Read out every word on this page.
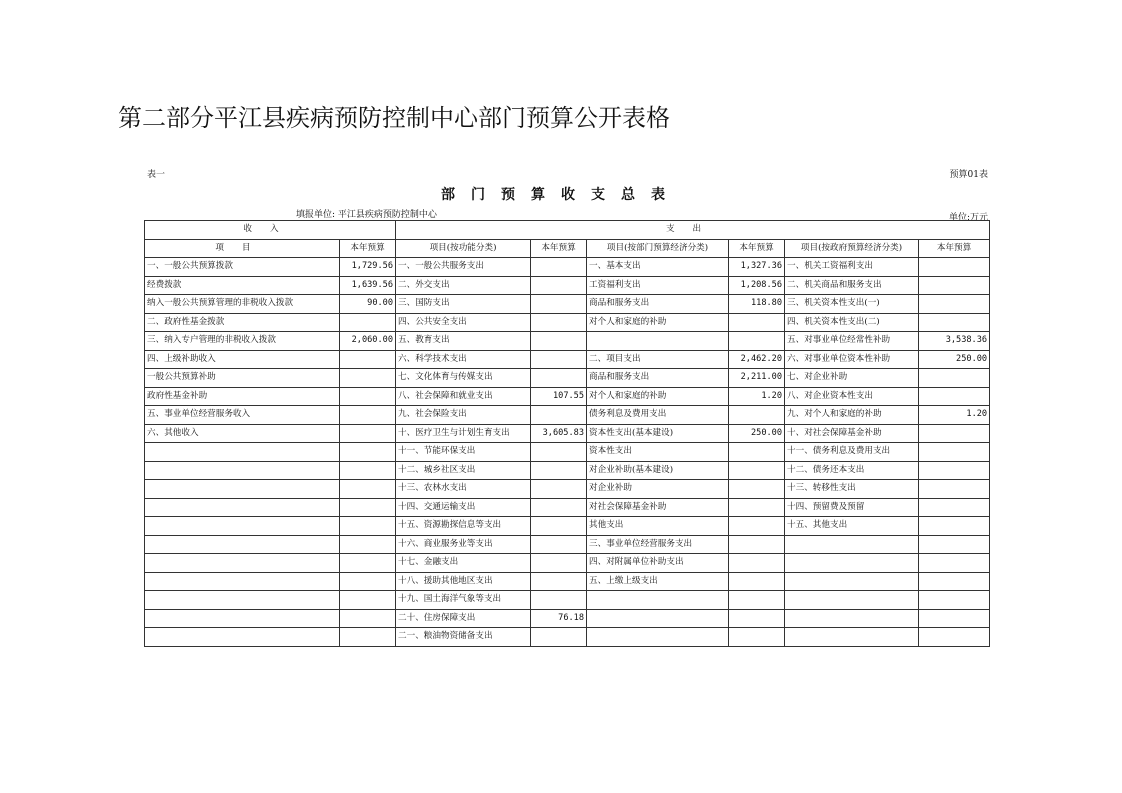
第二部分平江县疾病预防控制中心部门预算公开表格
表一	预算01表
部门预算收支总表
填报单位: 平江县疾病预防控制中心	单位:万元
收入		支出					
项目	本年预算	项目(按功能分类)	本年预算	项目(按部门预算经济分类)	本年预算	项目(按政府预算经济分类)	本年预算
一、一般公共预算拨款	1,729.56	一、一般公共服务支出		一、基本支出	1,327.36	一、机关工资福利支出	
经费拨款	1,639.56	二、外交支出		工资福利支出	1,208.56	二、机关商品和服务支出	
纳入一般公共预算管理的非税收入拨款	90.00	三、国防支出		商品和服务支出	118.80	三、机关资本性支出(一)	
二、政府性基金拨款		四、公共安全支出		对个人和家庭的补助		四、机关资本性支出(二)	
三、纳入专户管理的非税收入拨款	2,060.00	五、教育支出				五、对事业单位经常性补助	3,538.36
四、上级补助收入		六、科学技术支出		二、项目支出	2,462.20	六、对事业单位资本性补助	250.00
一般公共预算补助		七、文化体育与传媒支出		商品和服务支出	2,211.00	七、对企业补助	
政府性基金补助		八、社会保障和就业支出	107.55	对个人和家庭的补助	1.20	八、对企业资本性支出	
五、事业单位经营服务收入		九、社会保险支出		债务利息及费用支出		九、对个人和家庭的补助	1.20
六、其他收入		十、医疗卫生与计划生育支出	3,605.83	资本性支出(基本建设)	250.00	十、对社会保障基金补助	
		十一、节能环保支出		资本性支出		十一、债务利息及费用支出	
		十二、城乡社区支出		对企业补助(基本建设)		十二、债务还本支出	
		十三、农林水支出		对企业补助		十三、转移性支出	
		十四、交通运输支出		对社会保障基金补助		十四、预留费及预留	
		十五、资源勘探信息等支出		其他支出		十五、其他支出	
		十六、商业服务业等支出		三、事业单位经营服务支出			
		十七、金融支出		四、对附属单位补助支出			
		十八、援助其他地区支出		五、上缴上级支出			
		十九、国土海洋气象等支出					
		二十、住房保障支出	76.18				
		二一、粮油物资储备支出					
